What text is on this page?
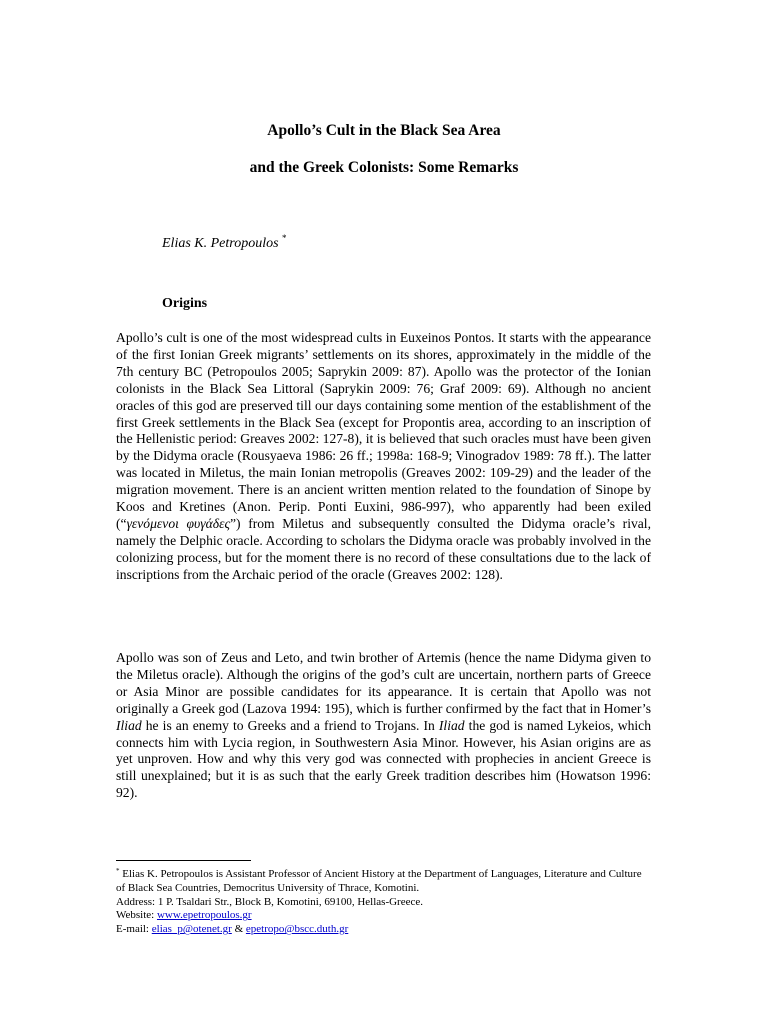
Apollo’s Cult in the Black Sea Area
and the Greek Colonists: Some Remarks
Elias K. Petropoulos *
Origins

Apollo’s cult is one of the most widespread cults in Euxeinos Pontos. It starts with the appearance of the first Ionian Greek migrants’ settlements on its shores, approximately in the middle of the 7th century BC (Petropoulos 2005; Saprykin 2009: 87). Apollo was the protector of the Ionian colonists in the Black Sea Littoral (Saprykin 2009: 76; Graf 2009: 69). Although no ancient oracles of this god are preserved till our days containing some mention of the establishment of the first Greek settlements in the Black Sea (except for Propontis area, according to an inscription of the Hellenistic period: Greaves 2002: 127-8), it is believed that such oracles must have been given by the Didyma oracle (Rousyaeva 1986: 26 ff.; 1998a: 168-9; Vinogradov 1989: 78 ff.). The latter was located in Miletus, the main Ionian metropolis (Greaves 2002: 109-29) and the leader of the migration movement. There is an ancient written mention related to the foundation of Sinope by Koos and Kretines (Anon. Perip. Ponti Euxini, 986-997), who apparently had been exiled (“γενόμενοι φυγάδες”) from Miletus and subsequently consulted the Didyma oracle’s rival, namely the Delphic oracle. According to scholars the Didyma oracle was probably involved in the colonizing process, but for the moment there is no record of these consultations due to the lack of inscriptions from the Archaic period of the oracle (Greaves 2002: 128).

Apollo was son of Zeus and Leto, and twin brother of Artemis (hence the name Didyma given to the Miletus oracle). Although the origins of the god’s cult are uncertain, northern parts of Greece or Asia Minor are possible candidates for its appearance. It is certain that Apollo was not originally a Greek god (Lazova 1994: 195), which is further confirmed by the fact that in Homer’s Iliad he is an enemy to Greeks and a friend to Trojans. In Iliad the god is named Lykeios, which connects him with Lycia region, in Southwestern Asia Minor. However, his Asian origins are as yet unproven. How and why this very god was connected with prophecies in ancient Greece is still unexplained; but it is as such that the early Greek tradition describes him (Howatson 1996: 92).

* Elias K. Petropoulos is Assistant Professor of Ancient History at the Department of Languages, Literature and Culture of Black Sea Countries, Democritus University of Thrace, Komotini.
Address: 1 P. Tsaldari Str., Block B, Komotini, 69100, Hellas-Greece.
Website: www.epetropoulos.gr
E-mail: elias_p@otenet.gr & epetropo@bscc.duth.gr
